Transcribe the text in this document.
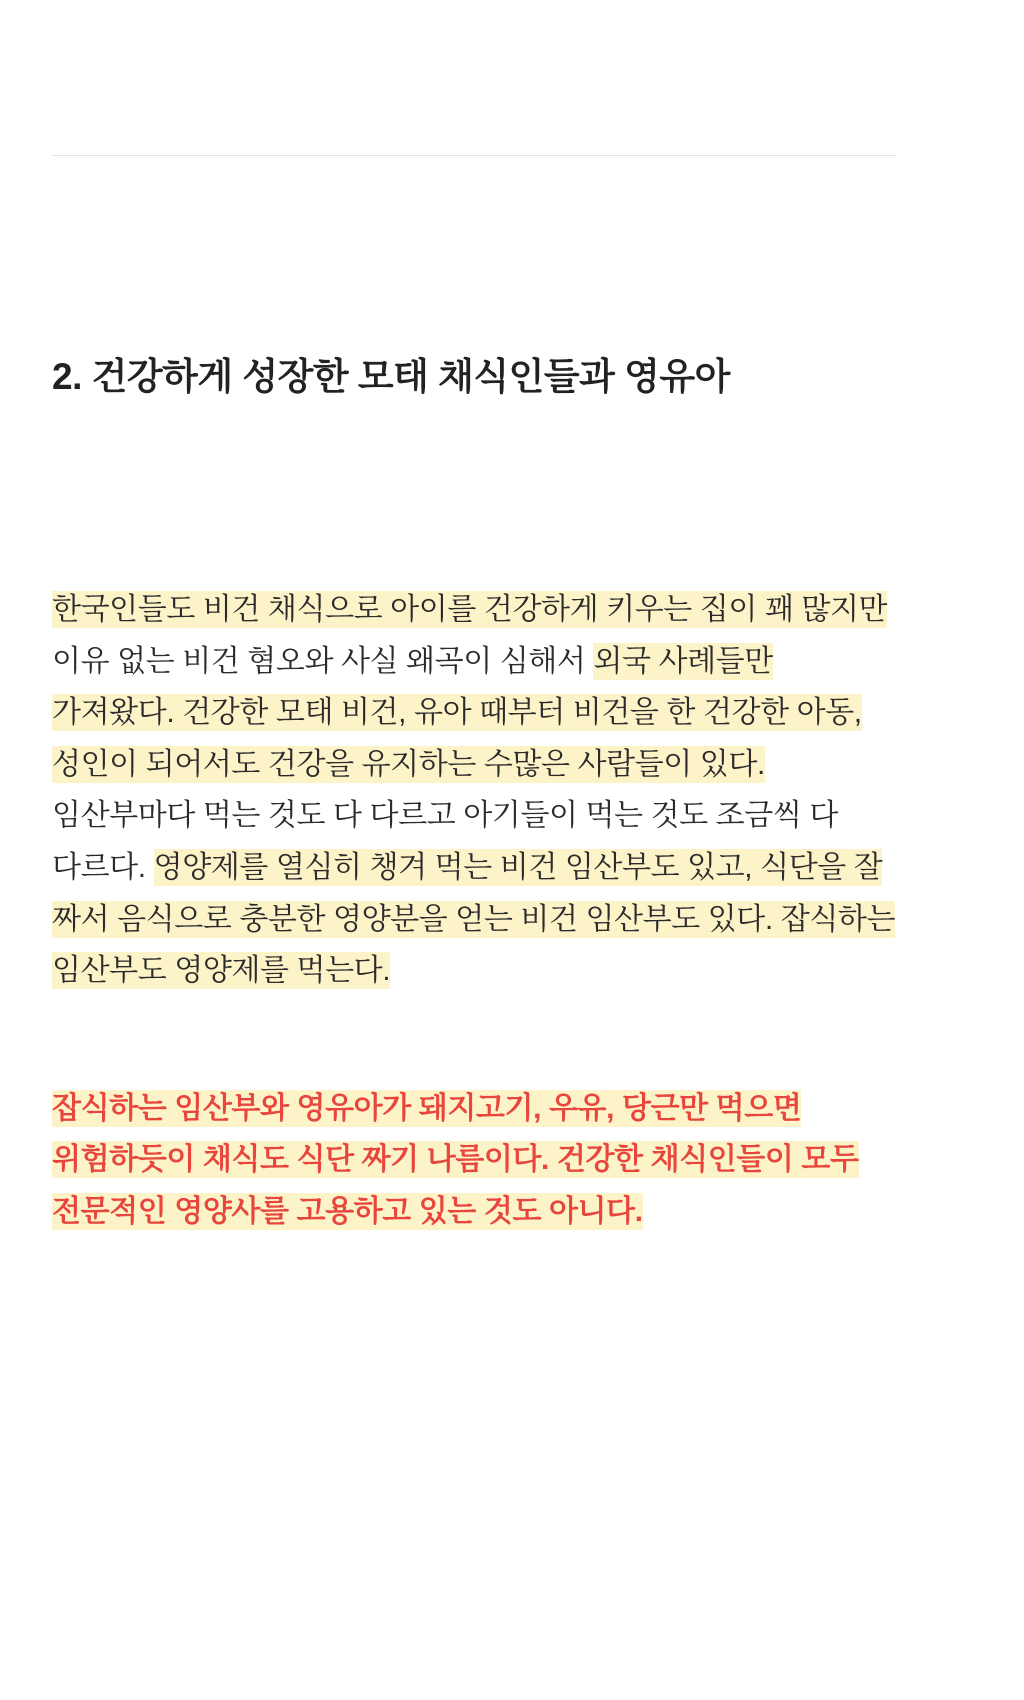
2. 건강하게 성장한 모태 채식인들과 영유아

한국인들도 비건 채식으로 아이를 건강하게 키우는 집이 꽤 많지만 이유 없는 비건 혐오와 사실 왜곡이 심해서 외국 사례들만 가져왔다. 건강한 모태 비건, 유아 때부터 비건을 한 건강한 아동, 성인이 되어서도 건강을 유지하는 수많은 사람들이 있다. 임산부마다 먹는 것도 다 다르고 아기들이 먹는 것도 조금씩 다 다르다. 영양제를 열심히 챙겨 먹는 비건 임산부도 있고, 식단을 잘 짜서 음식으로 충분한 영양분을 얻는 비건 임산부도 있다. 잡식하는 임산부도 영양제를 먹는다.

잡식하는 임산부와 영유아가 돼지고기, 우유, 당근만 먹으면 위험하듯이 채식도 식단 짜기 나름이다. 건강한 채식인들이 모두 전문적인 영양사를 고용하고 있는 것도 아니다.
